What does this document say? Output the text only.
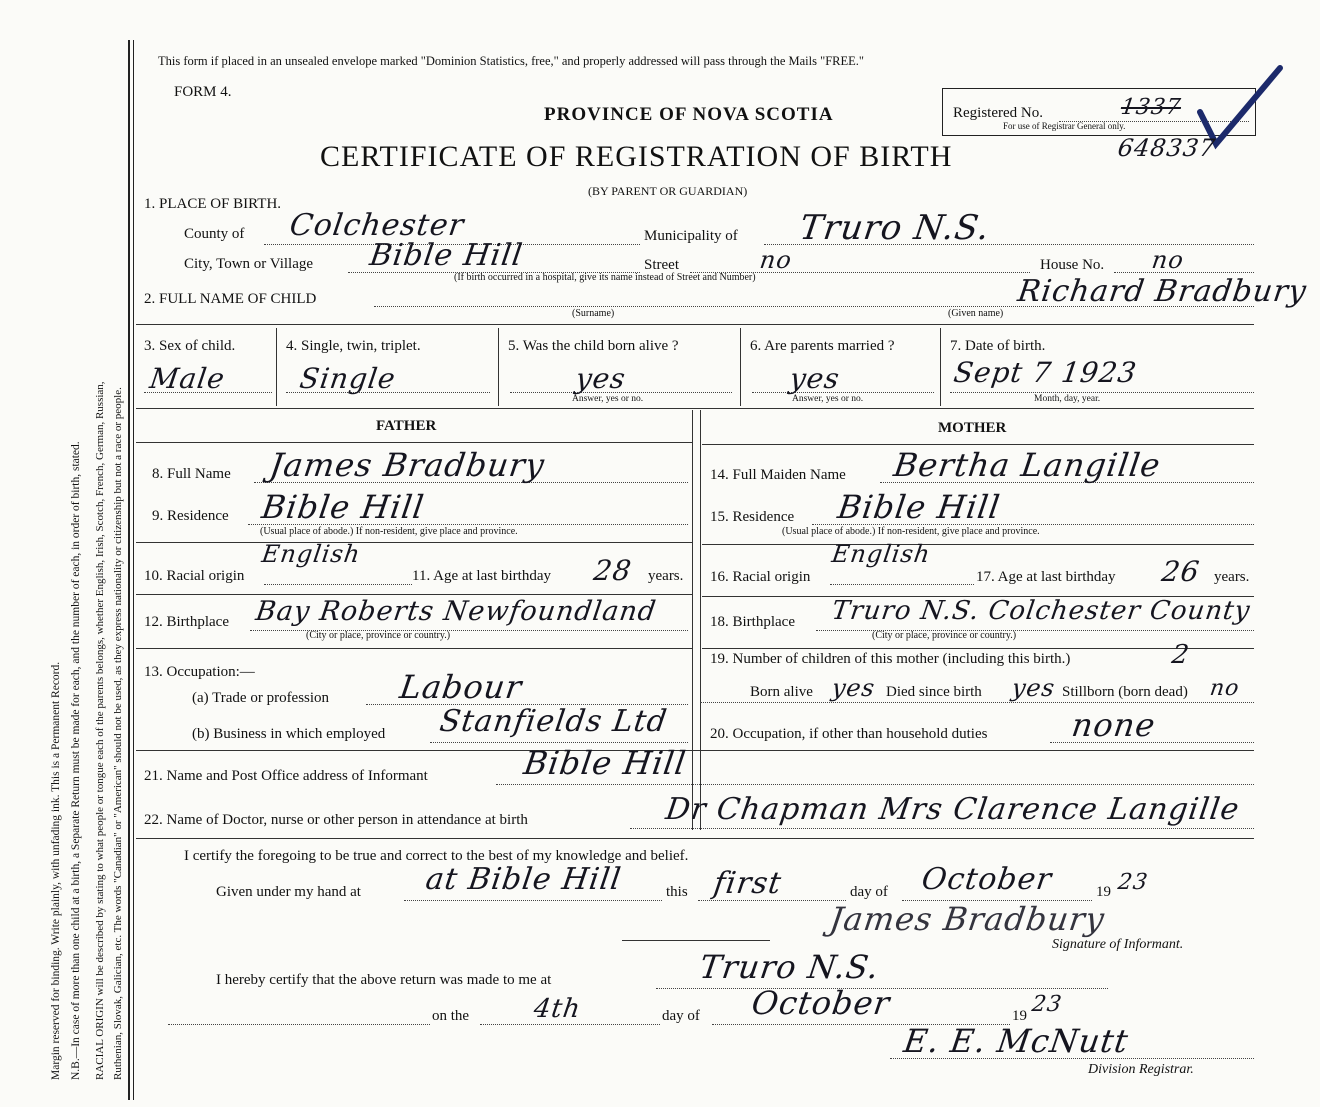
Margin reserved for binding. Write plainly, with unfading ink. This is a Permanent Record. N.B.—In case of more than one child at a birth, a Separate Return must be made for each, and the number of each, in order of birth, stated. RACIAL ORIGIN will be described by stating to what people or tongue each of the parents belongs, whether English, Irish, Scotch, French, German, Russian, Ruthenian, Slovak, Galician, etc. The words "Canadian" or "American" should not be used, as they express nationality or citizenship but not a race or people.
This form if placed in an unsealed envelope marked "Dominion Statistics, free," and properly addressed will pass through the Mails "FREE."
FORM 4.
PROVINCE OF NOVA SCOTIA
CERTIFICATE OF REGISTRATION OF BIRTH
(BY PARENT OR GUARDIAN)
Registered No.	1337
For use of Registrar General only.
648337
1. PLACE OF BIRTH.
County of Colchester	Municipality of Truro N.S.
City, Town or Village Bible Hill	Street	no	House No. no
(If birth occurred in a hospital, give its name instead of Street and Number)
2. FULL NAME OF CHILD
(Surname)	(Given name)
Richard Bradbury
3. Sex of child.
Male
4. Single, twin, triplet.
Single
5. Was the child born alive ?
yes
Answer, yes or no.
6. Are parents married ?
yes
Answer, yes or no.
7. Date of birth.
Sept 7 1923
Month, day, year.
FATHER	MOTHER
8. Full Name James Bradbury
9. Residence Bible Hill
(Usual place of abode.) If non-resident, give place and province.
10. Racial origin
English
11. Age at last birthday 28 years.
12. Birthplace Bay Roberts Newfoundland
(City or place, province or country.)
13. Occupation:—
(a) Trade or profession Labour
(b) Business in which employed Stanfields Ltd
14. Full Maiden Name Bertha Langille
15. Residence Bible Hill
(Usual place of abode.) If non-resident, give place and province.
16. Racial origin
English
17. Age at last birthday 26 years.
18. Birthplace Truro N.S. Colchester County
(City or place, province or country.)
19. Number of children of this mother (including this birth.)	2
Born alive yes Died since birth yes Stillborn (born dead) no
20. Occupation, if other than household duties	none
21. Name and Post Office address of Informant	Bible Hill
22. Name of Doctor, nurse or other person in attendance at birth	Dr Chapman Mrs Clarence Langille
I certify the foregoing to be true and correct to the best of my knowledge and belief.
Given under my hand at at Bible Hill	this first	day of October	19 23
James Bradbury
Signature of Informant.
I hereby certify that the above return was made to me at	Truro N.S.
on the 4th	day of October	19 23
E. E. McNutt
Division Registrar.
